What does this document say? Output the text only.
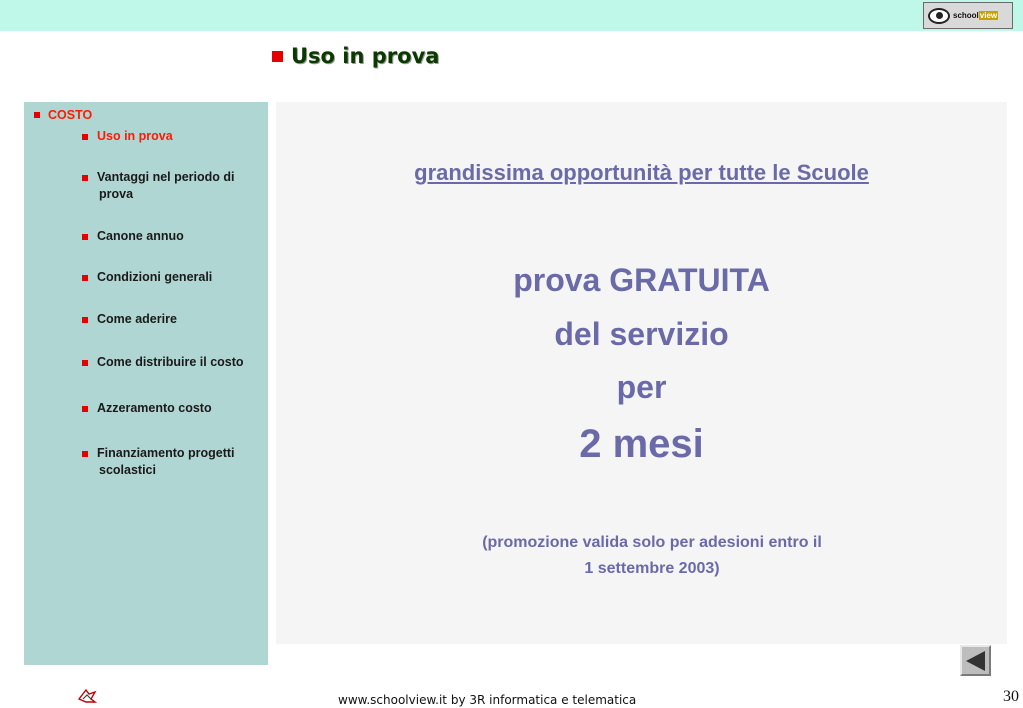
schoolview
Uso in prova
COSTO
Uso in prova
Vantaggi nel periodo di
prova
Canone annuo
Condizioni generali
Come aderire
Come distribuire il costo
Azzeramento costo
Finanziamento progetti
scolastici
grandissima opportunità per tutte le Scuole
prova GRATUITA
del servizio
per
2 mesi
(promozione valida solo per adesioni entro il
1 settembre 2003)
www.schoolview.it by 3R informatica e telematica	30
